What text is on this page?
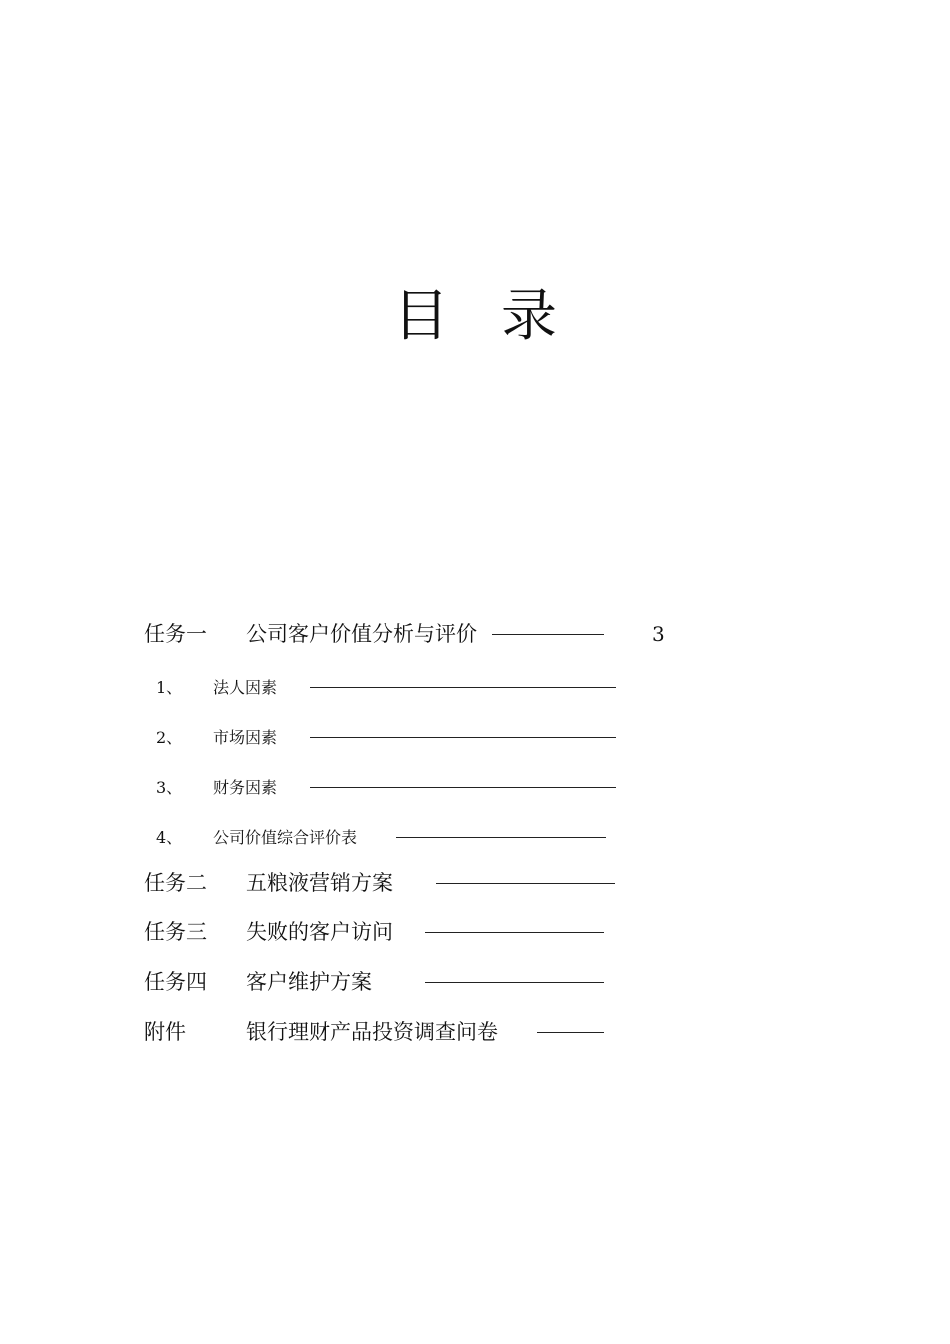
目 录
任务一 公司客户价值分析与评价	3
1、 法人因素
2、 市场因素
3、 财务因素
4、 公司价值综合评价表
任务二 五粮液营销方案
任务三 失败的客户访问
任务四 客户维护方案
附件	银行理财产品投资调查问卷
